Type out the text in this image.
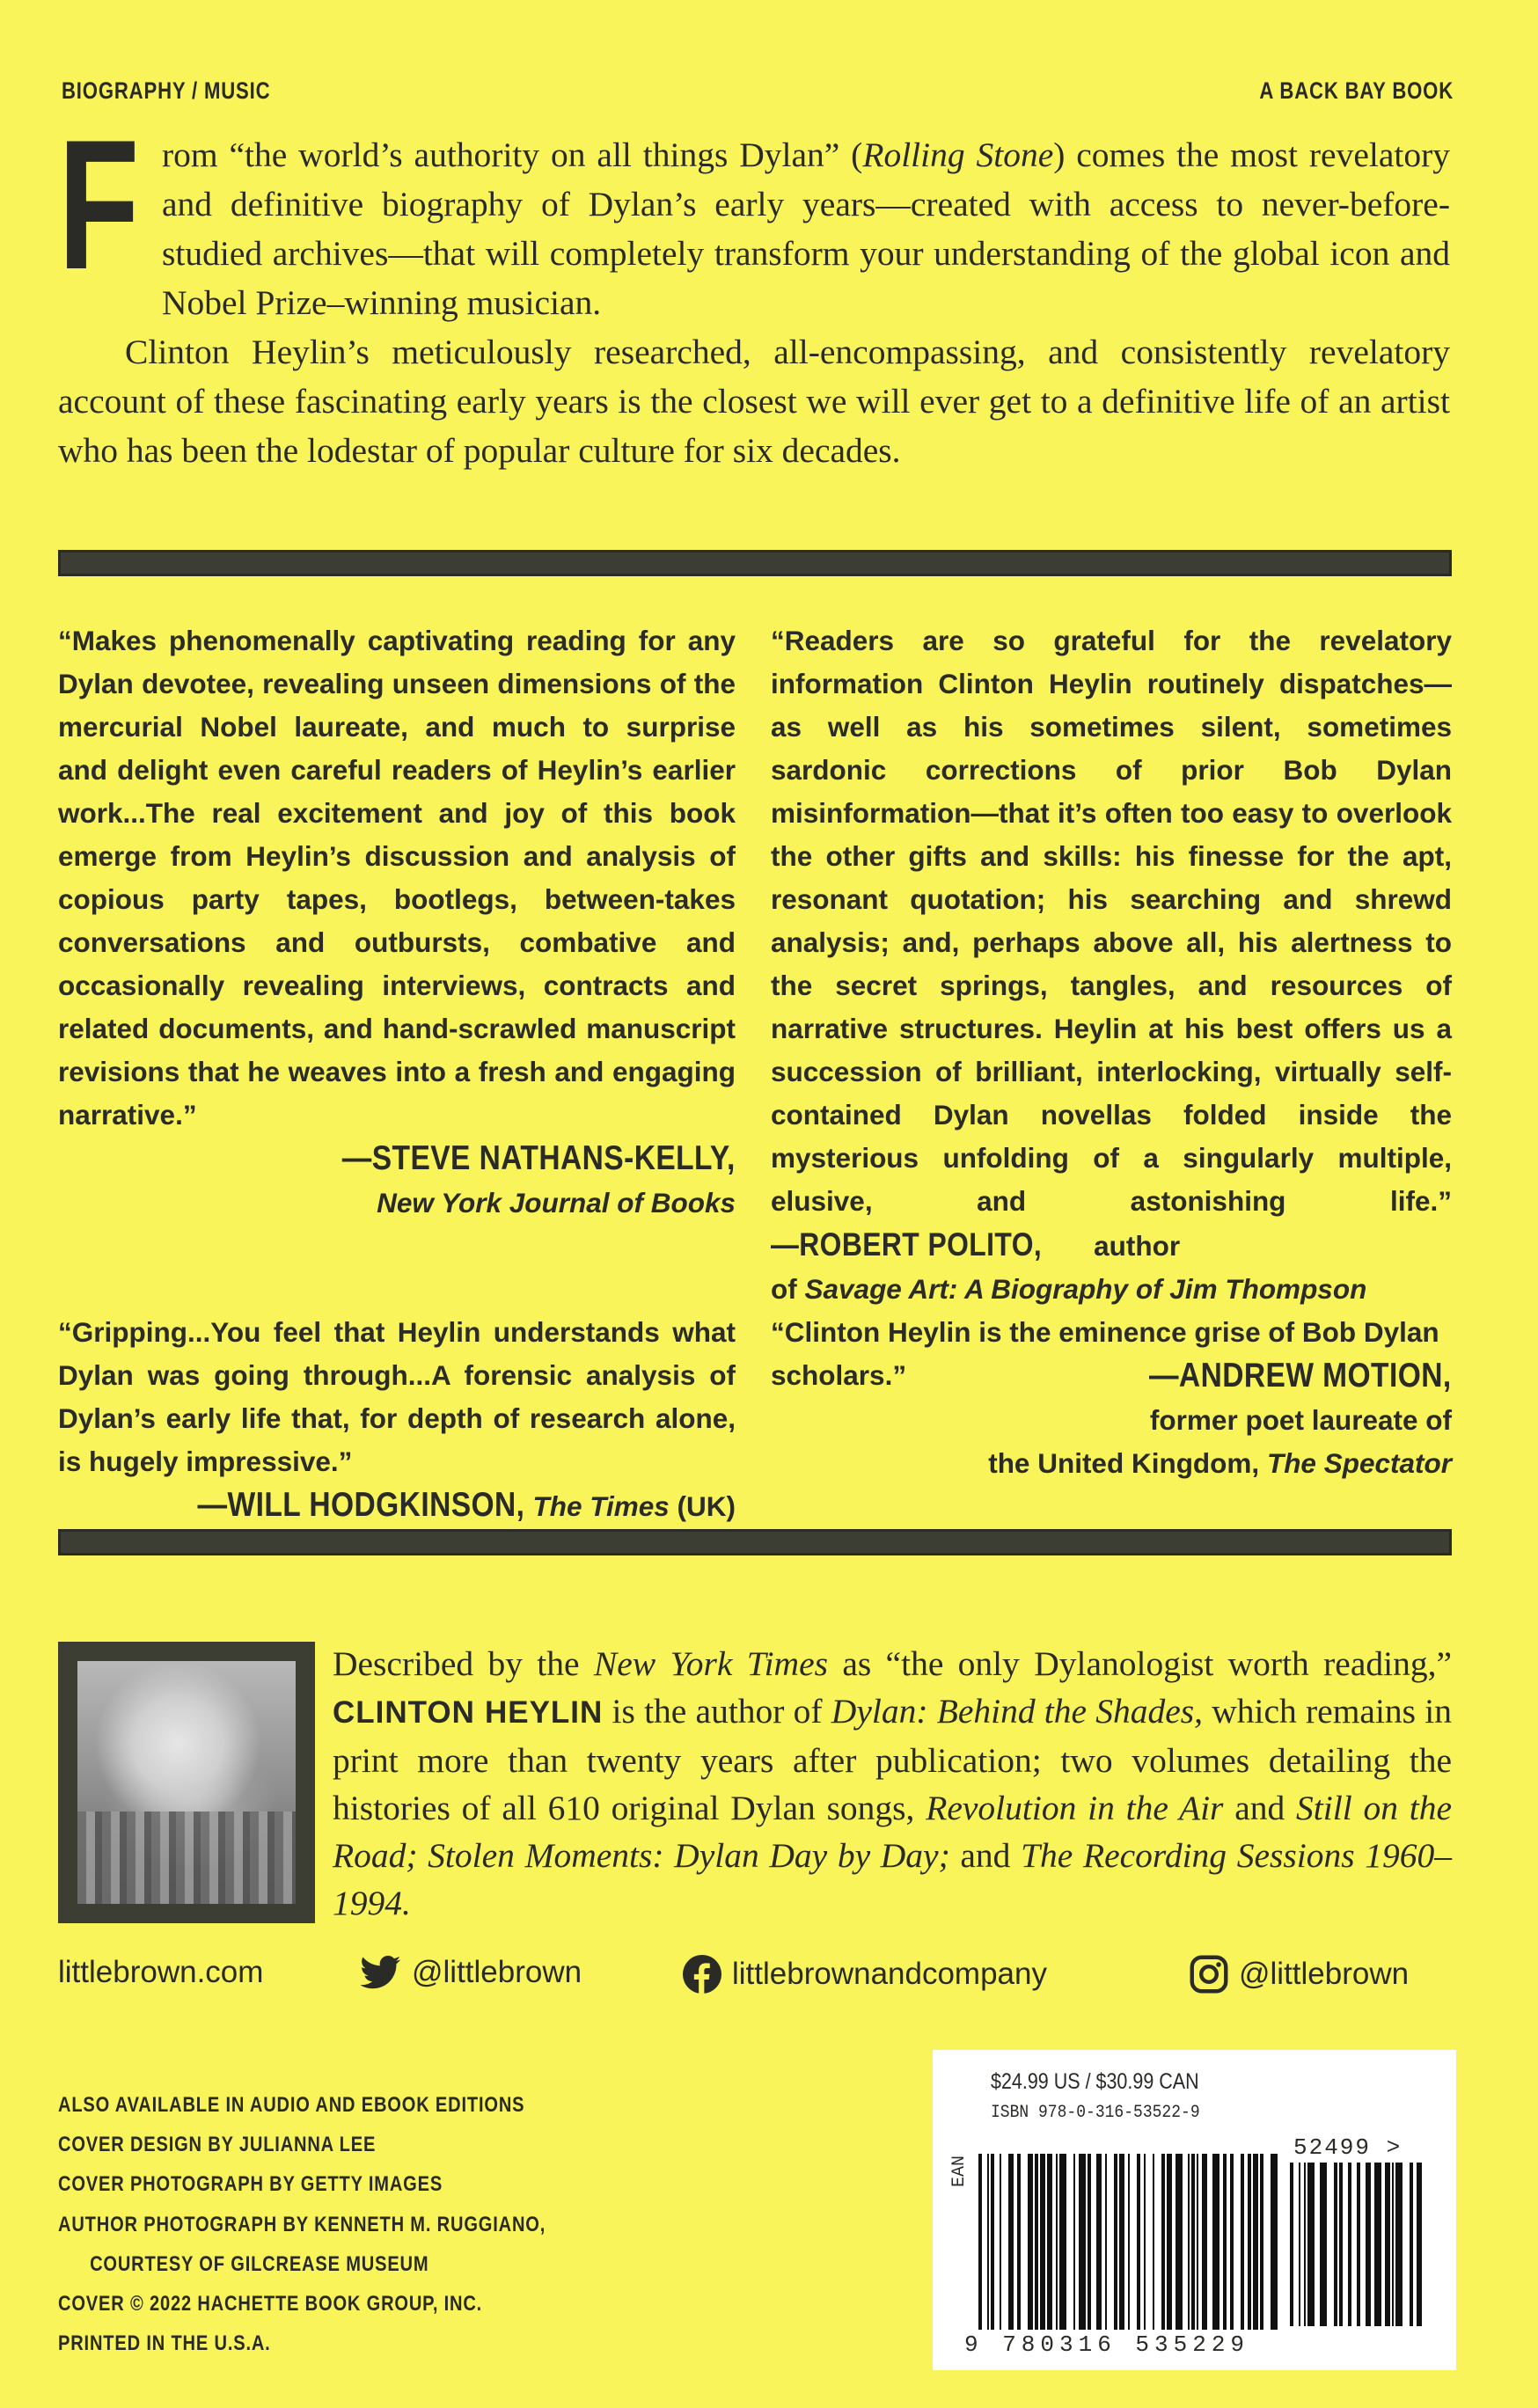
BIOGRAPHY / MUSIC	A BACK BAY BOOK

From “the world’s authority on all things Dylan” (Rolling Stone) comes the most revelatory and definitive biography of Dylan’s early years—created with access to never-before-studied archives—that will completely transform your understanding of the global icon and Nobel Prize–winning musician.

Clinton Heylin’s meticulously researched, all-encompassing, and consistently revelatory account of these fascinating early years is the closest we will ever get to a definitive life of an artist who has been the lodestar of popular culture for six decades.

“Makes phenomenally captivating reading for any Dylan devotee, revealing unseen dimensions of the mercurial Nobel laureate, and much to surprise and delight even careful readers of Heylin’s earlier work...The real excitement and joy of this book emerge from Heylin’s discussion and analysis of copious party tapes, bootlegs, between-takes conversations and outbursts, combative and occasionally revealing interviews, contracts and related documents, and hand-scrawled manuscript revisions that he weaves into a fresh and engaging narrative.”

—STEVE NATHANS-KELLY,
New York Journal of Books

“Readers are so grateful for the revelatory information Clinton Heylin routinely dispatches—as well as his sometimes silent, sometimes sardonic corrections of prior Bob Dylan misinformation—that it’s often too easy to overlook the other gifts and skills: his finesse for the apt, resonant quotation; his searching and shrewd analysis; and, perhaps above all, his alertness to the secret springs, tangles, and resources of narrative structures. Heylin at his best offers us a succession of brilliant, interlocking, virtually self-contained Dylan novellas folded inside the mysterious unfolding of a singularly multiple, elusive, and astonishing life.” —ROBERT POLITO, author

of Savage Art: A Biography of Jim Thompson

“Gripping...You feel that Heylin understands what Dylan was going through...A forensic analysis of Dylan’s early life that, for depth of research alone, is hugely impressive.”

—WILL HODGKINSON, The Times (UK)

“Clinton Heylin is the eminence grise of Bob Dylan scholars.”	—ANDREW MOTION,
former poet laureate of
the United Kingdom, The Spectator

Described by the New York Times as “the only Dylanologist worth reading,” CLINTON HEYLIN is the author of Dylan: Behind the Shades, which remains in print more than twenty years after publication; two volumes detailing the histories of all 610 original Dylan songs, Revolution in the Air and Still on the Road; Stolen Moments: Dylan Day by Day; and The Recording Sessions 1960–1994.

littlebrown.com	@littlebrown	littlebrownandcompany	@littlebrown
ALSO AVAILABLE IN AUDIO AND EBOOK EDITIONS
COVER DESIGN BY JULIANNA LEE
COVER PHOTOGRAPH BY GETTY IMAGES
AUTHOR PHOTOGRAPH BY KENNETH M. RUGGIANO,
COURTESY OF GILCREASE MUSEUM
COVER © 2022 HACHETTE BOOK GROUP, INC.
PRINTED IN THE U.S.A.
$24.99 US / $30.99 CAN
ISBN 978-0-316-53522-9
EAN
52499 >
9 780316 535229
